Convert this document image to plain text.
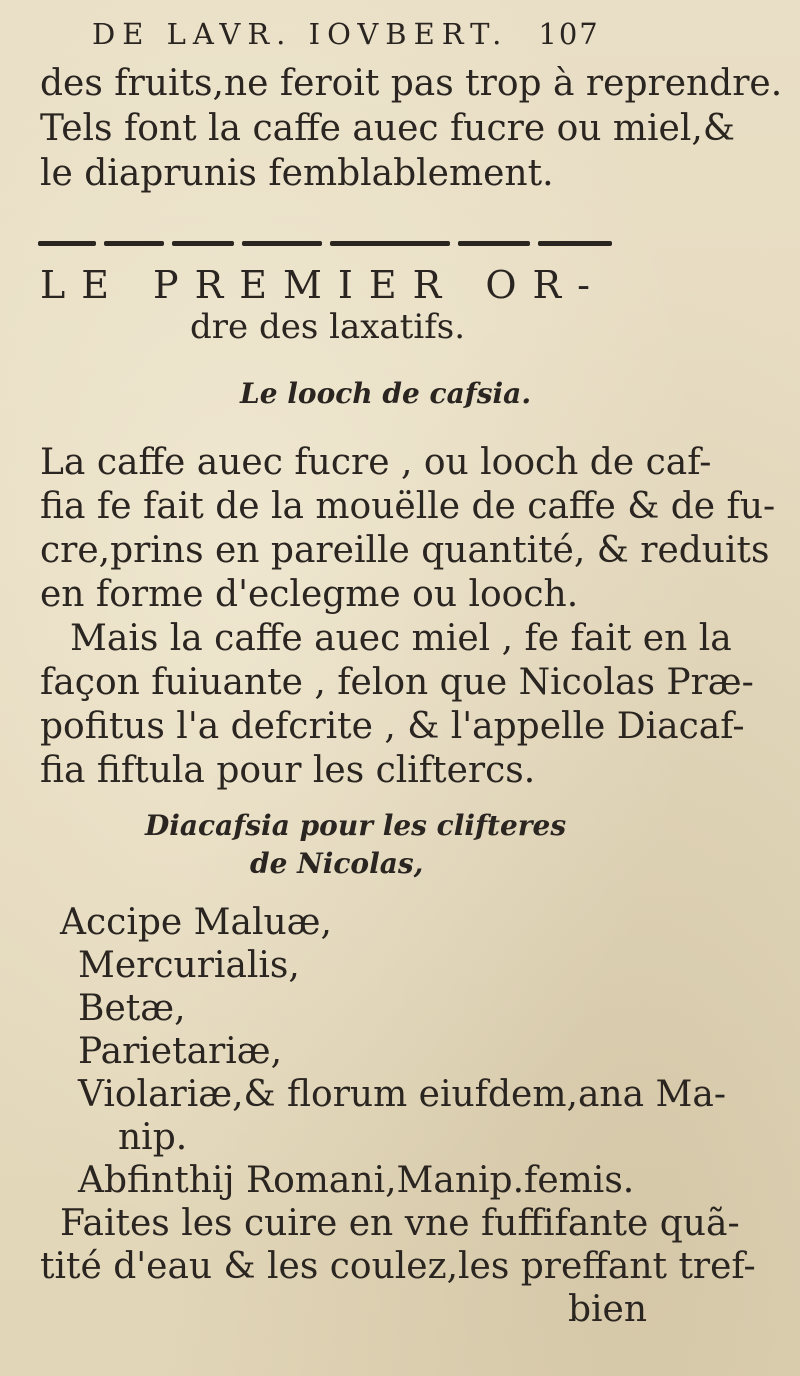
DE LAVR. IOVBERT. 107
des fruits,ne feroit pas trop à reprendre.
Tels font la caffe auec fucre ou miel,&
le diaprunis femblablement.
LE PREMIER OR-
dre des laxatifs.
Le looch de cafsia.
La caffe auec fucre , ou looch de caf-
fia fe fait de la mouëlle de caffe & de fu-
cre,prins en pareille quantité, & reduits
en forme d'eclegme ou looch.
Mais la caffe auec miel , fe fait en la
façon fuiuante , felon que Nicolas Præ-
pofitus l'a defcrite , & l'appelle Diacaf-
fia fiftula pour les cliftercs.
Diacafsia pour les clifteres
de Nicolas,
Accipe Maluæ,
Mercurialis,
Betæ,
Parietariæ,
Violariæ,& florum eiufdem,ana Ma-
nip.
Abfinthij Romani,Manip.femis.
Faites les cuire en vne fuffifante quã-
tité d'eau & les coulez,les preffant tref-
bien
